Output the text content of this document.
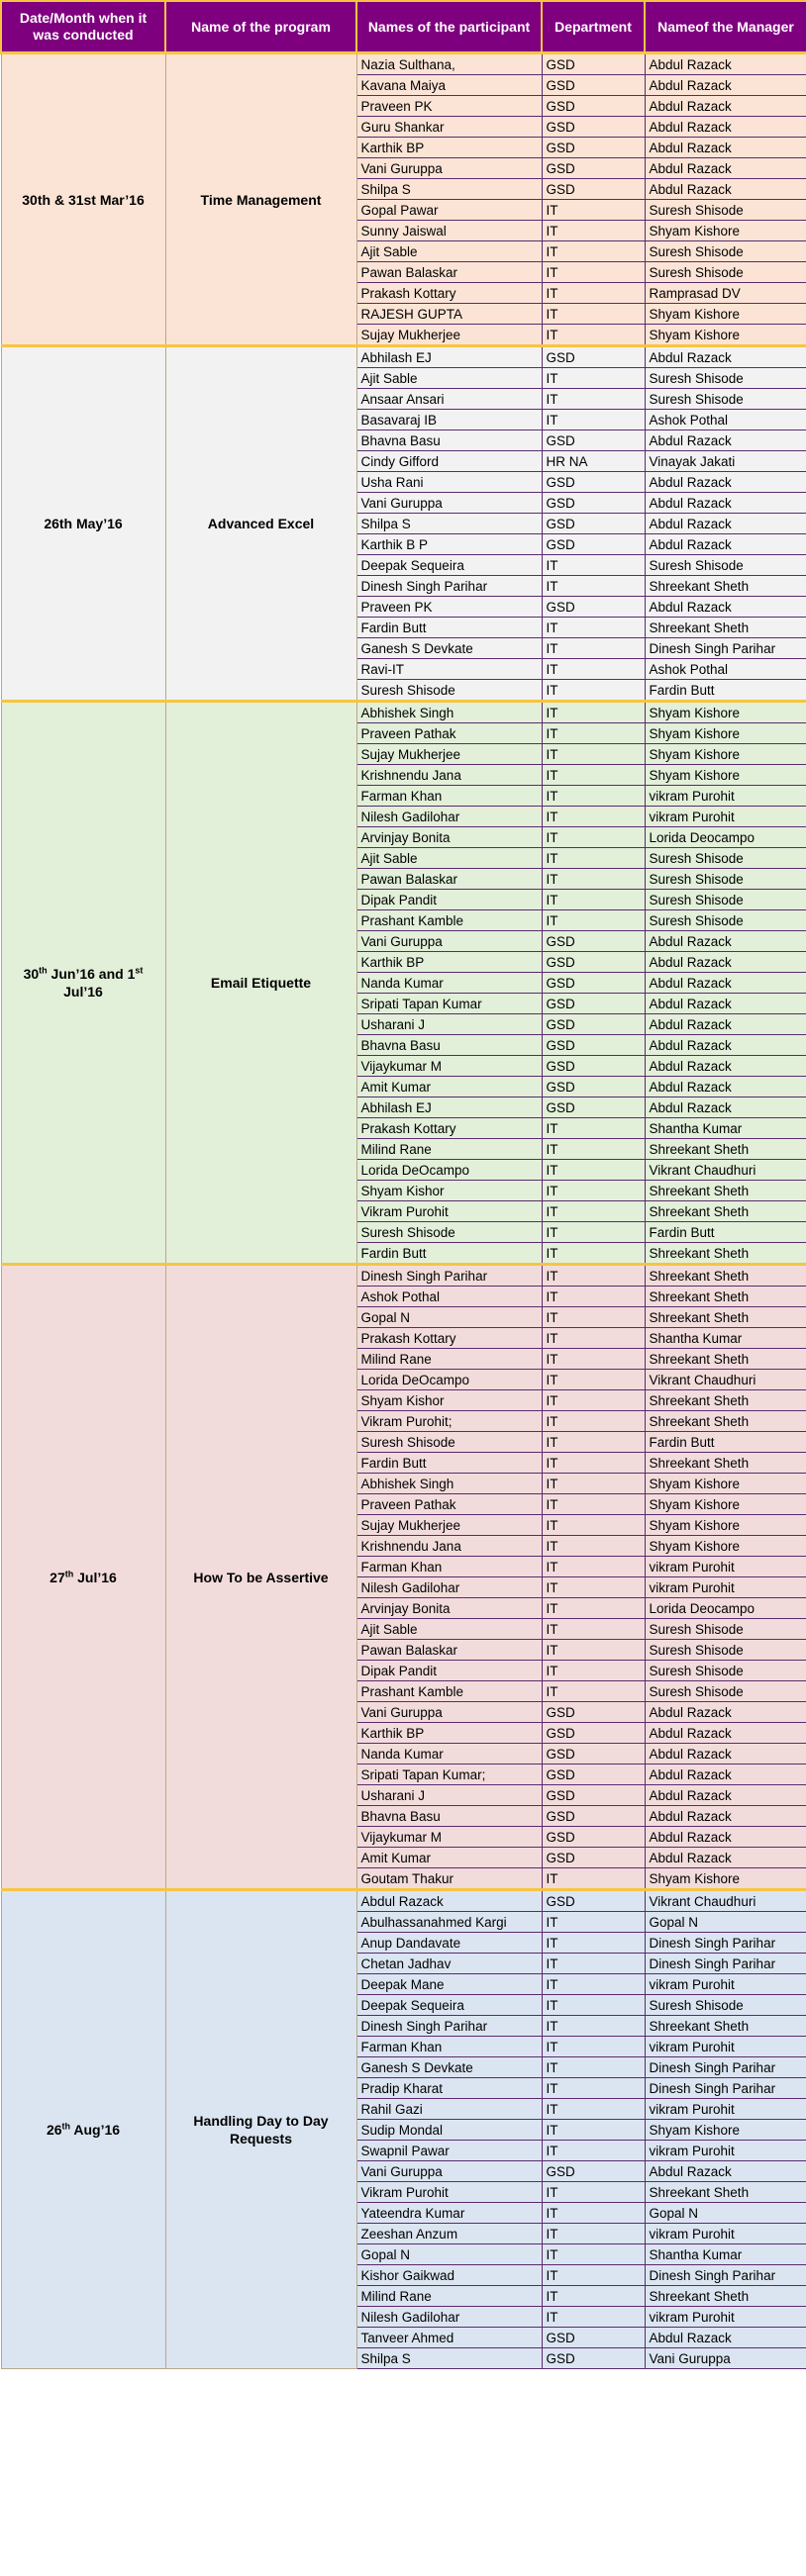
Date/Month when it was conducted	Name of the program	Names of the participant	Department	Nameof the Manager
30th & 31st Mar’16	Time Management	Nazia Sulthana,	GSD	Abdul Razack
		Kavana Maiya	GSD	Abdul Razack
		Praveen PK	GSD	Abdul Razack
		Guru Shankar	GSD	Abdul Razack
		Karthik BP	GSD	Abdul Razack
		Vani Guruppa	GSD	Abdul Razack
		Shilpa S	GSD	Abdul Razack
		Gopal Pawar	IT	Suresh Shisode
		Sunny Jaiswal	IT	Shyam Kishore
		Ajit Sable	IT	Suresh Shisode
		Pawan Balaskar	IT	Suresh Shisode
		Prakash Kottary	IT	Ramprasad DV
		RAJESH GUPTA	IT	Shyam Kishore
		Sujay Mukherjee	IT	Shyam Kishore
26th May’16	Advanced Excel	Abhilash EJ	GSD	Abdul Razack
		Ajit Sable	IT	Suresh Shisode
		Ansaar Ansari	IT	Suresh Shisode
		Basavaraj IB	IT	Ashok Pothal
		Bhavna Basu	GSD	Abdul Razack
		Cindy Gifford	HR NA	Vinayak Jakati
		Usha Rani	GSD	Abdul Razack
		Vani Guruppa	GSD	Abdul Razack
		Shilpa S	GSD	Abdul Razack
		Karthik B P	GSD	Abdul Razack
		Deepak Sequeira	IT	Suresh Shisode
		Dinesh Singh Parihar	IT	Shreekant Sheth
		Praveen PK	GSD	Abdul Razack
		Fardin Butt	IT	Shreekant Sheth
		Ganesh S Devkate	IT	Dinesh Singh Parihar
		Ravi-IT	IT	Ashok Pothal
		Suresh Shisode	IT	Fardin Butt
30th Jun’16 and 1st Jul’16	Email Etiquette	Abhishek Singh	IT	Shyam Kishore
		Praveen Pathak	IT	Shyam Kishore
		Sujay Mukherjee	IT	Shyam Kishore
		Krishnendu Jana	IT	Shyam Kishore
		Farman Khan	IT	vikram Purohit
		Nilesh Gadilohar	IT	vikram Purohit
		Arvinjay Bonita	IT	Lorida Deocampo
		Ajit Sable	IT	Suresh Shisode
		Pawan Balaskar	IT	Suresh Shisode
		Dipak Pandit	IT	Suresh Shisode
		Prashant Kamble	IT	Suresh Shisode
		Vani Guruppa	GSD	Abdul Razack
		Karthik BP	GSD	Abdul Razack
		Nanda Kumar	GSD	Abdul Razack
		Sripati Tapan Kumar	GSD	Abdul Razack
		Usharani J	GSD	Abdul Razack
		Bhavna Basu	GSD	Abdul Razack
		Vijaykumar M	GSD	Abdul Razack
		Amit Kumar	GSD	Abdul Razack
		Abhilash EJ	GSD	Abdul Razack
		Prakash Kottary	IT	Shantha Kumar
		Milind Rane	IT	Shreekant Sheth
		Lorida DeOcampo	IT	Vikrant Chaudhuri
		Shyam Kishor	IT	Shreekant Sheth
		Vikram Purohit	IT	Shreekant Sheth
		Suresh Shisode	IT	Fardin Butt
		Fardin Butt	IT	Shreekant Sheth
27th Jul’16	How To be Assertive	Dinesh Singh Parihar	IT	Shreekant Sheth
		Ashok Pothal	IT	Shreekant Sheth
		Gopal N	IT	Shreekant Sheth
		Prakash Kottary	IT	Shantha Kumar
		Milind Rane	IT	Shreekant Sheth
		Lorida DeOcampo	IT	Vikrant Chaudhuri
		Shyam Kishor	IT	Shreekant Sheth
		Vikram Purohit;	IT	Shreekant Sheth
		Suresh Shisode	IT	Fardin Butt
		Fardin Butt	IT	Shreekant Sheth
		Abhishek Singh	IT	Shyam Kishore
		Praveen Pathak	IT	Shyam Kishore
		Sujay Mukherjee	IT	Shyam Kishore
		Krishnendu Jana	IT	Shyam Kishore
		Farman Khan	IT	vikram Purohit
		Nilesh Gadilohar	IT	vikram Purohit
		Arvinjay Bonita	IT	Lorida Deocampo
		Ajit Sable	IT	Suresh Shisode
		Pawan Balaskar	IT	Suresh Shisode
		Dipak Pandit	IT	Suresh Shisode
		Prashant Kamble	IT	Suresh Shisode
		Vani Guruppa	GSD	Abdul Razack
		Karthik BP	GSD	Abdul Razack
		Nanda Kumar	GSD	Abdul Razack
		Sripati Tapan Kumar;	GSD	Abdul Razack
		Usharani J	GSD	Abdul Razack
		Bhavna Basu	GSD	Abdul Razack
		Vijaykumar M	GSD	Abdul Razack
		Amit Kumar	GSD	Abdul Razack
		Goutam Thakur	IT	Shyam Kishore
26th Aug’16	Handling Day to Day Requests	Abdul Razack	GSD	Vikrant Chaudhuri
		Abulhassanahmed Kargi	IT	Gopal N
		Anup Dandavate	IT	Dinesh Singh Parihar
		Chetan Jadhav	IT	Dinesh Singh Parihar
		Deepak Mane	IT	vikram Purohit
		Deepak Sequeira	IT	Suresh Shisode
		Dinesh Singh Parihar	IT	Shreekant Sheth
		Farman Khan	IT	vikram Purohit
		Ganesh S Devkate	IT	Dinesh Singh Parihar
		Pradip Kharat	IT	Dinesh Singh Parihar
		Rahil Gazi	IT	vikram Purohit
		Sudip Mondal	IT	Shyam Kishore
		Swapnil Pawar	IT	vikram Purohit
		Vani Guruppa	GSD	Abdul Razack
		Vikram Purohit	IT	Shreekant Sheth
		Yateendra Kumar	IT	Gopal N
		Zeeshan Anzum	IT	vikram Purohit
		Gopal N	IT	Shantha Kumar
		Kishor Gaikwad	IT	Dinesh Singh Parihar
		Milind Rane	IT	Shreekant Sheth
		Nilesh Gadilohar	IT	vikram Purohit
		Tanveer Ahmed	GSD	Abdul Razack
		Shilpa S	GSD	Vani Guruppa
